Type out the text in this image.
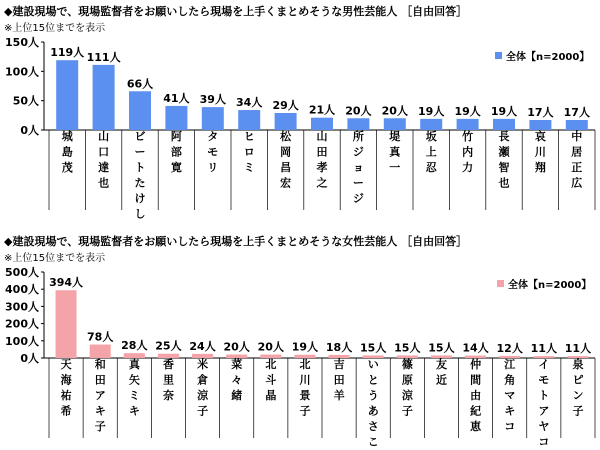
◆建設現場で、現場監督者をお願いしたら現場を上手くまとめそうな男性芸能人 ［自由回答］
※上位15位までを表示
0人
50人
100人
150人
119人
城島茂
111人
山口達也
66人
ビートたけし
41人
阿部寛
39人
タモリ
34人
ヒロミ
29人
松岡昌宏
21人
山田孝之
20人
所ジョージ
20人
堤真一
19人
坂上忍
19人
竹内力
19人
長瀬智也
17人
哀川翔
17人
中居正広
全体【n=2000】
◆建設現場で、現場監督者をお願いしたら現場を上手くまとめそうな女性芸能人 ［自由回答］
※上位15位までを表示
0人
100人
200人
300人
400人
500人
394人
天海祐希
78人
和田アキ子
28人
真矢ミキ
25人
香里奈
24人
米倉涼子
20人
菜々緒
20人
北斗晶
19人
北川景子
18人
吉田羊
15人
いとうあさこ
15人
篠原涼子
15人
友近
14人
仲間由紀恵
12人
江角マキコ
11人
イモトアヤコ
11人
泉ピン子
全体【n=2000】
